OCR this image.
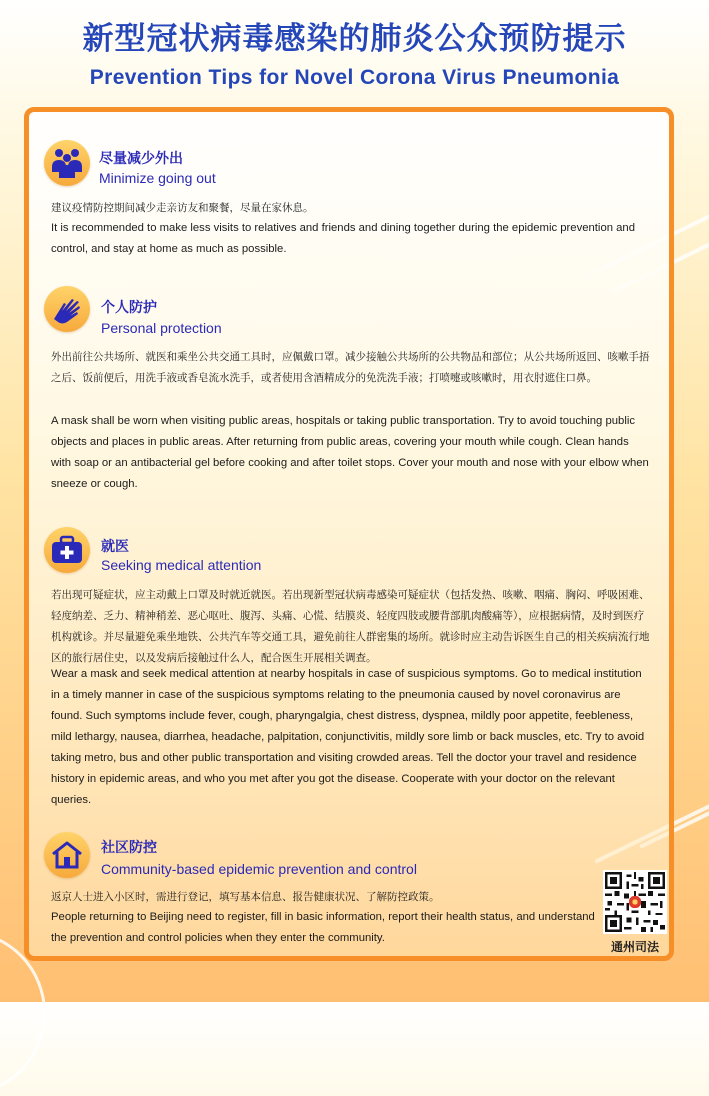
新型冠状病毒感染的肺炎公众预防提示
Prevention Tips for Novel Corona Virus Pneumonia
尽量减少外出
Minimize going out
建议疫情防控期间减少走亲访友和聚餐，尽量在家休息。
It is recommended to make less visits to relatives and friends and dining together during the epidemic prevention and control, and stay at home as much as possible.
个人防护
Personal protection
外出前往公共场所、就医和乘坐公共交通工具时，应佩戴口罩。减少接触公共场所的公共物品和部位；从公共场所返回、咳嗽手捂之后、饭前便后，用洗手液或香皂流水洗手，或者使用含酒精成分的免洗洗手液；打喷嚏或咳嗽时，用衣肘遮住口鼻。
A mask shall be worn when visiting public areas, hospitals or taking public transportation. Try to avoid touching public objects and places in public areas. After returning from public areas, covering your mouth while cough. Clean hands with soap or an antibacterial gel before cooking and after toilet stops. Cover your mouth and nose with your elbow when sneeze or cough.
就医
Seeking medical attention
若出现可疑症状，应主动戴上口罩及时就近就医。若出现新型冠状病毒感染可疑症状（包括发热、咳嗽、咽痛、胸闷、呼吸困难、轻度纳差、乏力、精神稍差、恶心呕吐、腹泻、头痛、心慌、结膜炎、轻度四肢或腰背部肌肉酸痛等），应根据病情，及时到医疗机构就诊。并尽量避免乘坐地铁、公共汽车等交通工具，避免前往人群密集的场所。就诊时应主动告诉医生自己的相关疾病流行地区的旅行居住史，以及发病后接触过什么人，配合医生开展相关调查。
Wear a mask and seek medical attention at nearby hospitals in case of suspicious symptoms. Go to medical institution in a timely manner in case of the suspicious symptoms relating to the pneumonia caused by novel coronavirus are found. Such symptoms include fever, cough, pharyngalgia, chest distress, dyspnea, mildly poor appetite, feebleness, mild lethargy, nausea, diarrhea, headache, palpitation, conjunctivitis, mildly sore limb or back muscles, etc. Try to avoid taking metro, bus and other public transportation and visiting crowded areas. Tell the doctor your travel and residence history in epidemic areas, and who you met after you got the disease. Cooperate with your doctor on the relevant queries.
社区防控
Community-based epidemic prevention and control
返京人士进入小区时，需进行登记，填写基本信息、报告健康状况、了解防控政策。
People returning to Beijing need to register, fill in basic information, report their health status, and understand the prevention and control policies when they enter the community.
通州司法
